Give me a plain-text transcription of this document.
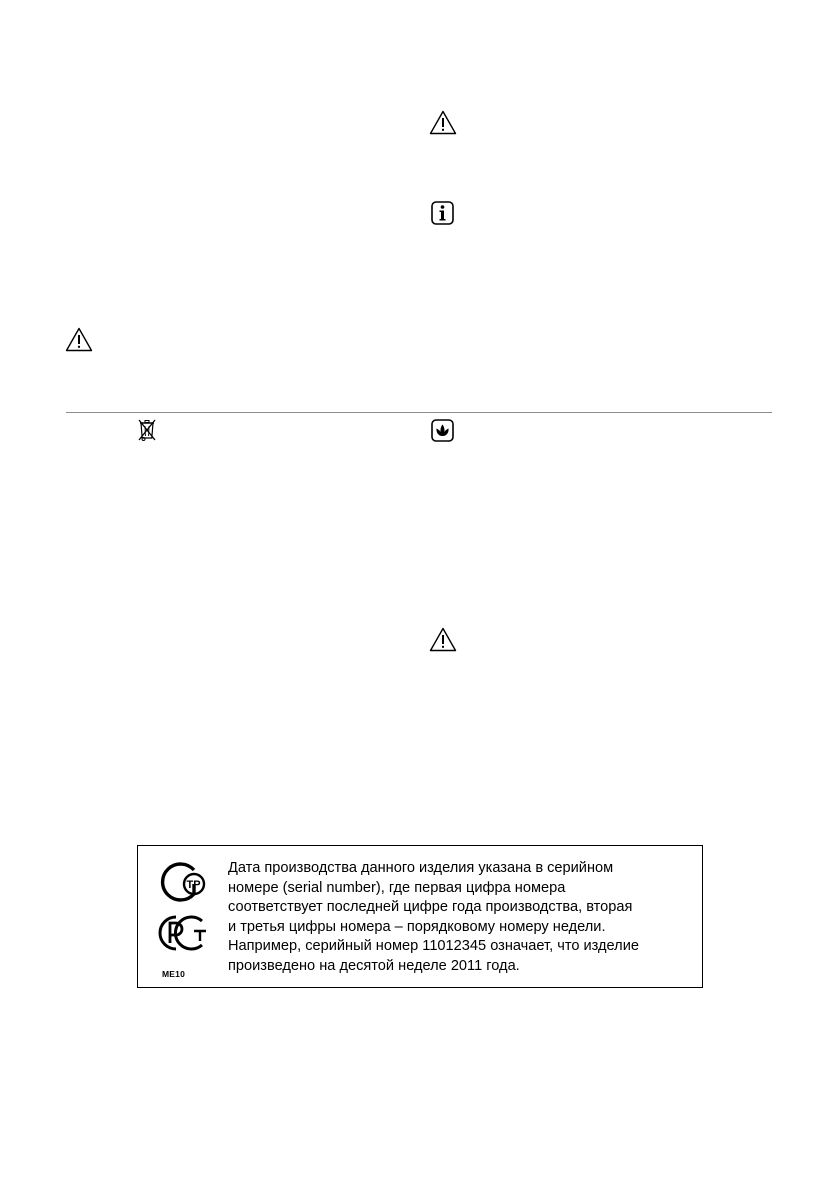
ТР
ME10

Дата производства данного изделия указана в серийном
номере (serial number), где первая цифра номера
соответствует последней цифре года производства, вторая
и третья цифры номера – порядковому номеру недели.
Например, серийный номер 11012345 означает, что изделие
произведено на десятой неделе 2011 года.
